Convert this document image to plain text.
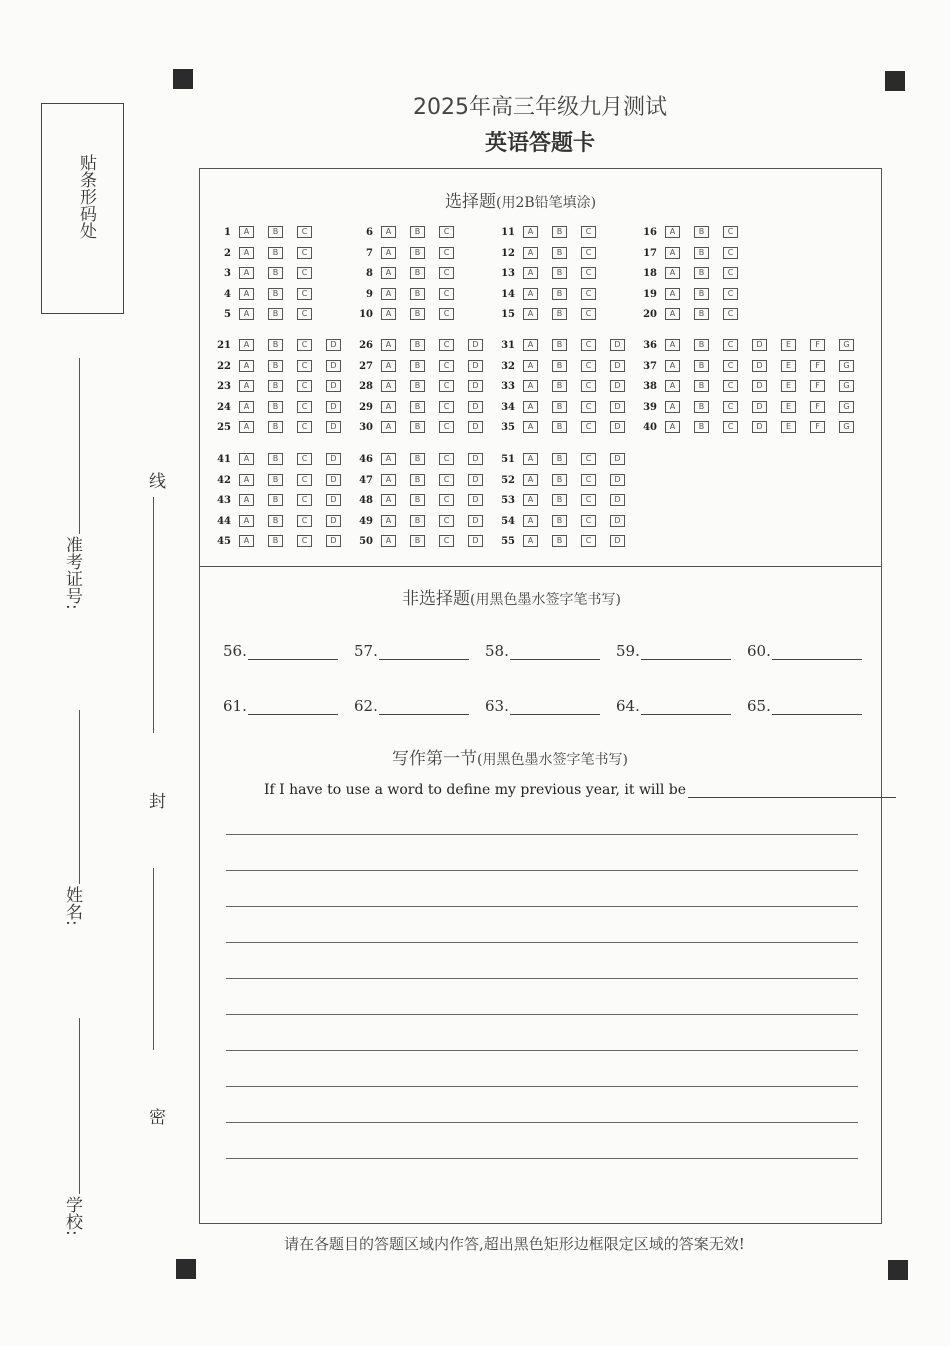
2025年高三年级九月测试
英语答题卡
贴条形码处
准考证号:
姓名:
学校:
线
封
密
选择题(用2B铅笔填涂)
1	A	B	C
2	A	B	C
3	A	B	C
4	A	B	C
5	A	B	C
6	A	B	C
7	A	B	C
8	A	B	C
9	A	B	C
10	A	B	C
11	A	B	C
12	A	B	C
13	A	B	C
14	A	B	C
15	A	B	C
16	A	B	C
17	A	B	C
18	A	B	C
19	A	B	C
20	A	B	C
21	A	B	C	D
22	A	B	C	D
23	A	B	C	D
24	A	B	C	D
25	A	B	C	D
26	A	B	C	D
27	A	B	C	D
28	A	B	C	D
29	A	B	C	D
30	A	B	C	D
31	A	B	C	D
32	A	B	C	D
33	A	B	C	D
34	A	B	C	D
35	A	B	C	D
36	A	B	C	D	E	F	G
37	A	B	C	D	E	F	G
38	A	B	C	D	E	F	G
39	A	B	C	D	E	F	G
40	A	B	C	D	E	F	G
41	A	B	C	D
42	A	B	C	D
43	A	B	C	D
44	A	B	C	D
45	A	B	C	D
46	A	B	C	D
47	A	B	C	D
48	A	B	C	D
49	A	B	C	D
50	A	B	C	D
51	A	B	C	D
52	A	B	C	D
53	A	B	C	D
54	A	B	C	D
55	A	B	C	D
非选择题(用黑色墨水签字笔书写)
56.	57.	58.	59.	60.
61.	62.	63.	64.	65.
写作第一节(用黑色墨水签字笔书写)
If I have to use a word to define my previous year, it will be
请在各题目的答题区域内作答,超出黑色矩形边框限定区域的答案无效!
